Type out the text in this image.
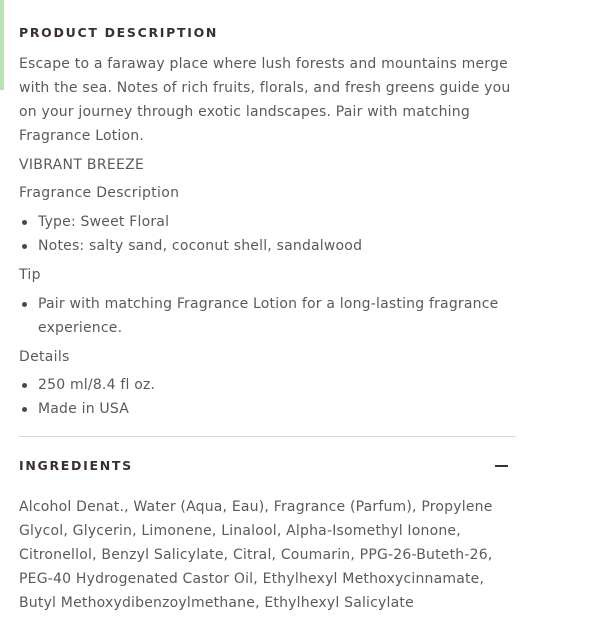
PRODUCT DESCRIPTION

Escape to a faraway place where lush forests and mountains merge with the sea. Notes of rich fruits, florals, and fresh greens guide you on your journey through exotic landscapes. Pair with matching Fragrance Lotion.

VIBRANT BREEZE
Fragrance Description
Type: Sweet Floral
Notes: salty sand, coconut shell, sandalwood
Tip
Pair with matching Fragrance Lotion for a long-lasting fragrance experience.
Details
250 ml/8.4 fl oz.
Made in USA
INGREDIENTS

Alcohol Denat., Water (Aqua, Eau), Fragrance (Parfum), Propylene Glycol, Glycerin, Limonene, Linalool, Alpha-Isomethyl Ionone, Citronellol, Benzyl Salicylate, Citral, Coumarin, PPG-26-Buteth-26, PEG-40 Hydrogenated Castor Oil, Ethylhexyl Methoxycinnamate, Butyl Methoxydibenzoylmethane, Ethylhexyl Salicylate
